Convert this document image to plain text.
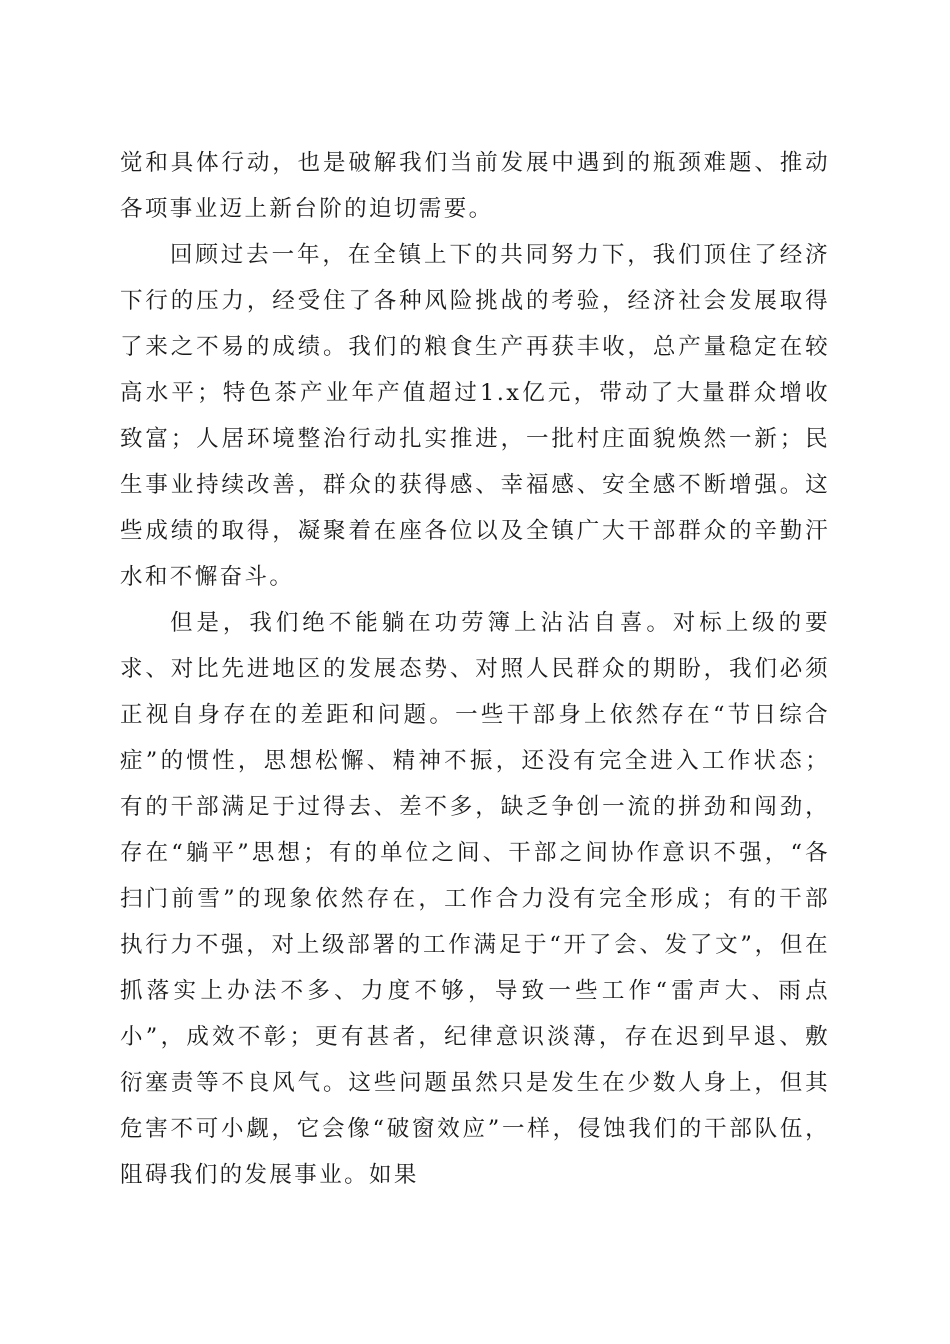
觉和具体行动，也是破解我们当前发展中遇到的瓶颈难题、推动各项事业迈上新台阶的迫切需要。

回顾过去一年，在全镇上下的共同努力下，我们顶住了经济下行的压力，经受住了各种风险挑战的考验，经济社会发展取得了来之不易的成绩。我们的粮食生产再获丰收，总产量稳定在较高水平；特色茶产业年产值超过1.x亿元，带动了大量群众增收致富；人居环境整治行动扎实推进，一批村庄面貌焕然一新；民生事业持续改善，群众的获得感、幸福感、安全感不断增强。这些成绩的取得，凝聚着在座各位以及全镇广大干部群众的辛勤汗水和不懈奋斗。

但是，我们绝不能躺在功劳簿上沾沾自喜。对标上级的要求、对比先进地区的发展态势、对照人民群众的期盼，我们必须正视自身存在的差距和问题。一些干部身上依然存在“节日综合症”的惯性，思想松懈、精神不振，还没有完全进入工作状态；有的干部满足于过得去、差不多，缺乏争创一流的拼劲和闯劲，存在“躺平”思想；有的单位之间、干部之间协作意识不强，“各扫门前雪”的现象依然存在，工作合力没有完全形成；有的干部执行力不强，对上级部署的工作满足于“开了会、发了文”，但在抓落实上办法不多、力度不够，导致一些工作“雷声大、雨点小”，成效不彰；更有甚者，纪律意识淡薄，存在迟到早退、敷衍塞责等不良风气。这些问题虽然只是发生在少数人身上，但其危害不可小觑，它会像“破窗效应”一样，侵蚀我们的干部队伍，阻碍我们的发展事业。如果
